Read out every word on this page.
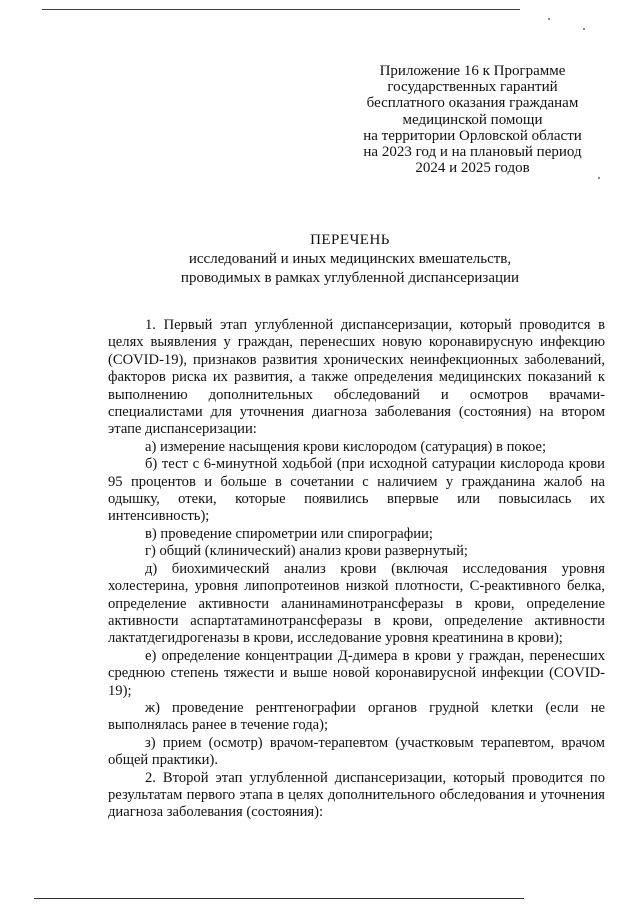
Приложение 16 к Программе
государственных гарантий
бесплатного оказания гражданам
медицинской помощи
на территории Орловской области
на 2023 год и на плановый период
2024 и 2025 годов
ПЕРЕЧЕНЬ
исследований и иных медицинских вмешательств,
проводимых в рамках углубленной диспансеризации

1. Первый этап углубленной диспансеризации, который проводится в целях выявления у граждан, перенесших новую коронавирусную инфекцию (COVID-19), признаков развития хронических неинфекционных заболеваний, факторов риска их развития, а также определения медицинских показаний к выполнению дополнительных обследований и осмотров врачами-специалистами для уточнения диагноза заболевания (состояния) на втором этапе диспансеризации:

а) измерение насыщения крови кислородом (сатурация) в покое;

б) тест с 6-минутной ходьбой (при исходной сатурации кислорода крови 95 процентов и больше в сочетании с наличием у гражданина жалоб на одышку, отеки, которые появились впервые или повысилась их интенсивность);

в) проведение спирометрии или спирографии;

г) общий (клинический) анализ крови развернутый;

д) биохимический анализ крови (включая исследования уровня холестерина, уровня липопротеинов низкой плотности, С-реактивного белка, определение активности аланинаминотрансферазы в крови, определение активности аспартатаминотрансферазы в крови, определение активности лактатдегидрогеназы в крови, исследование уровня креатинина в крови);

е) определение концентрации Д-димера в крови у граждан, перенесших среднюю степень тяжести и выше новой коронавирусной инфекции (COVID-19);

ж) проведение рентгенографии органов грудной клетки (если не выполнялась ранее в течение года);

з) прием (осмотр) врачом-терапевтом (участковым терапевтом, врачом общей практики).

2. Второй этап углубленной диспансеризации, который проводится по результатам первого этапа в целях дополнительного обследования и уточнения диагноза заболевания (состояния):
